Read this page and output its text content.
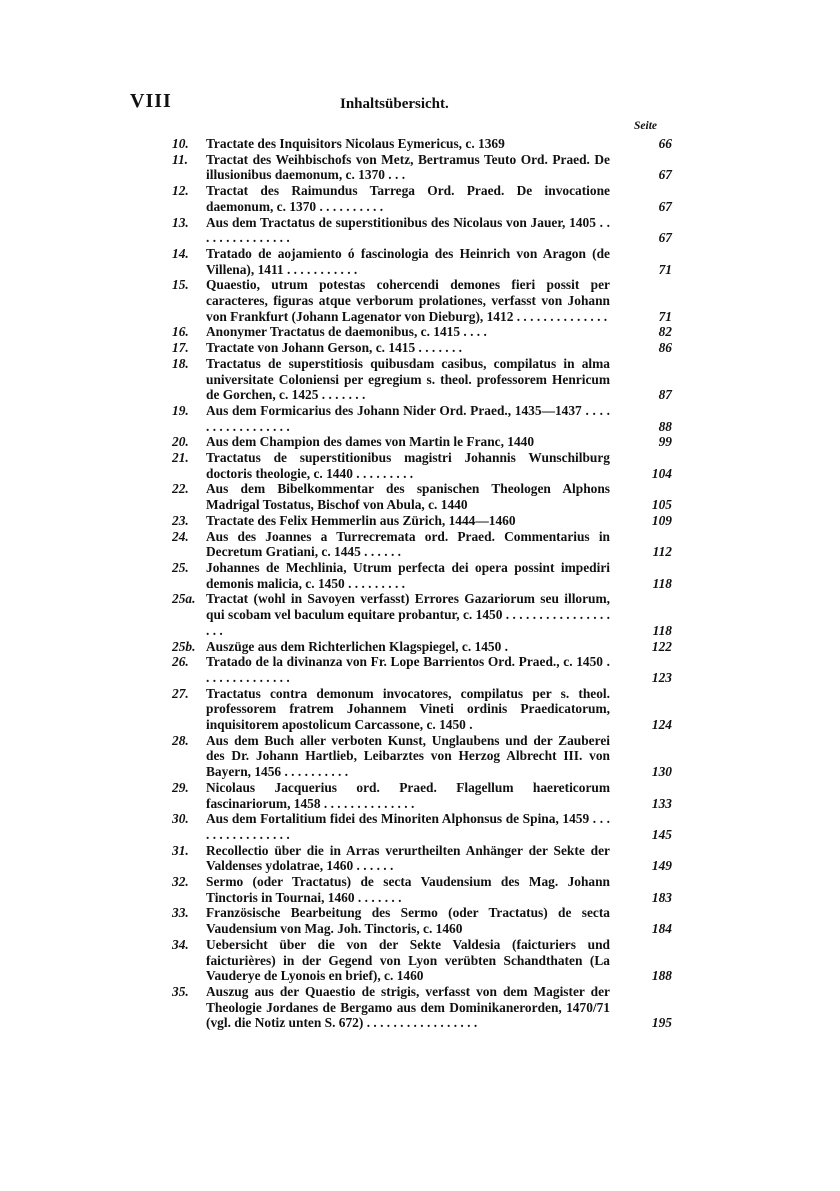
VIII	Inhaltsübersicht.
Seite
10.	Tractate des Inquisitors Nicolaus Eymericus, c. 1369	66
11.	Tractat des Weihbischofs von Metz, Bertramus Teuto Ord. Praed. De illusionibus daemonum, c. 1370 . . .	67
12.	Tractat des Raimundus Tarrega Ord. Praed. De invocatione daemonum, c. 1370 . . . . . . . . . .	67
13.	Aus dem Tractatus de superstitionibus des Nicolaus von Jauer, 1405 . . . . . . . . . . . . . . .	67
14.	Tratado de aojamiento ó fascinologia des Heinrich von Aragon (de Villena), 1411 . . . . . . . . . . .	71
15.	Quaestio, utrum potestas cohercendi demones fieri possit per caracteres, figuras atque verborum prolationes, verfasst von Johann von Frankfurt (Johann Lagenator von Dieburg), 1412 . . . . . . . . . . . . . .	71
16.	Anonymer Tractatus de daemonibus, c. 1415 . . . .	82
17.	Tractate von Johann Gerson, c. 1415 . . . . . . .	86
18.	Tractatus de superstitiosis quibusdam casibus, compilatus in alma universitate Coloniensi per egregium s. theol. professorem Henricum de Gorchen, c. 1425 . . . . . . .	87
19.	Aus dem Formicarius des Johann Nider Ord. Praed., 1435—1437 . . . . . . . . . . . . . . . . .	88
20.	Aus dem Champion des dames von Martin le Franc, 1440	99
21.	Tractatus de superstitionibus magistri Johannis Wunschilburg doctoris theologie, c. 1440 . . . . . . . . .	104
22.	Aus dem Bibelkommentar des spanischen Theologen Alphons Madrigal Tostatus, Bischof von Abula, c. 1440	105
23.	Tractate des Felix Hemmerlin aus Zürich, 1444—1460	109
24.	Aus des Joannes a Turrecremata ord. Praed. Commentarius in Decretum Gratiani, c. 1445 . . . . . .	112
25.	Johannes de Mechlinia, Utrum perfecta dei opera possint impediri demonis malicia, c. 1450 . . . . . . . . .	118
25a. Tractat (wohl in Savoyen verfasst) Errores Gazariorum seu illorum, qui scobam vel baculum equitare probantur, c. 1450 . . . . . . . . . . . . . . . . . . .	118
25b. Auszüge aus dem Richterlichen Klagspiegel, c. 1450 .	122
26.	Tratado de la divinanza von Fr. Lope Barrientos Ord. Praed., c. 1450 . . . . . . . . . . . . . .	123
27.	Tractatus contra demonum invocatores, compilatus per s. theol. professorem fratrem Johannem Vineti ordinis Praedicatorum, inquisitorem apostolicum Carcassone, c. 1450 .	124
28.	Aus dem Buch aller verboten Kunst, Unglaubens und der Zauberei des Dr. Johann Hartlieb, Leibarztes von Herzog Albrecht III. von Bayern, 1456 . . . . . . . . . .	130
29.	Nicolaus Jacquerius ord. Praed. Flagellum haereticorum fascinariorum, 1458 . . . . . . . . . . . . . .	133
30.	Aus dem Fortalitium fidei des Minoriten Alphonsus de Spina, 1459 . . . . . . . . . . . . . . . .	145
31.	Recollectio über die in Arras verurtheilten Anhänger der Sekte der Valdenses ydolatrae, 1460 . . . . . .	149
32.	Sermo (oder Tractatus) de secta Vaudensium des Mag. Johann Tinctoris in Tournai, 1460 . . . . . . .	183
33.	Französische Bearbeitung des Sermo (oder Tractatus) de secta Vaudensium von Mag. Joh. Tinctoris, c. 1460	184
34.	Uebersicht über die von der Sekte Valdesia (faicturiers und faicturières) in der Gegend von Lyon verübten Schandthaten (La Vauderye de Lyonois en brief), c. 1460	188
35.	Auszug aus der Quaestio de strigis, verfasst von dem Magister der Theologie Jordanes de Bergamo aus dem Dominikanerorden, 1470/71 (vgl. die Notiz unten S. 672) . . . . . . . . . . . . . . . . .	195
